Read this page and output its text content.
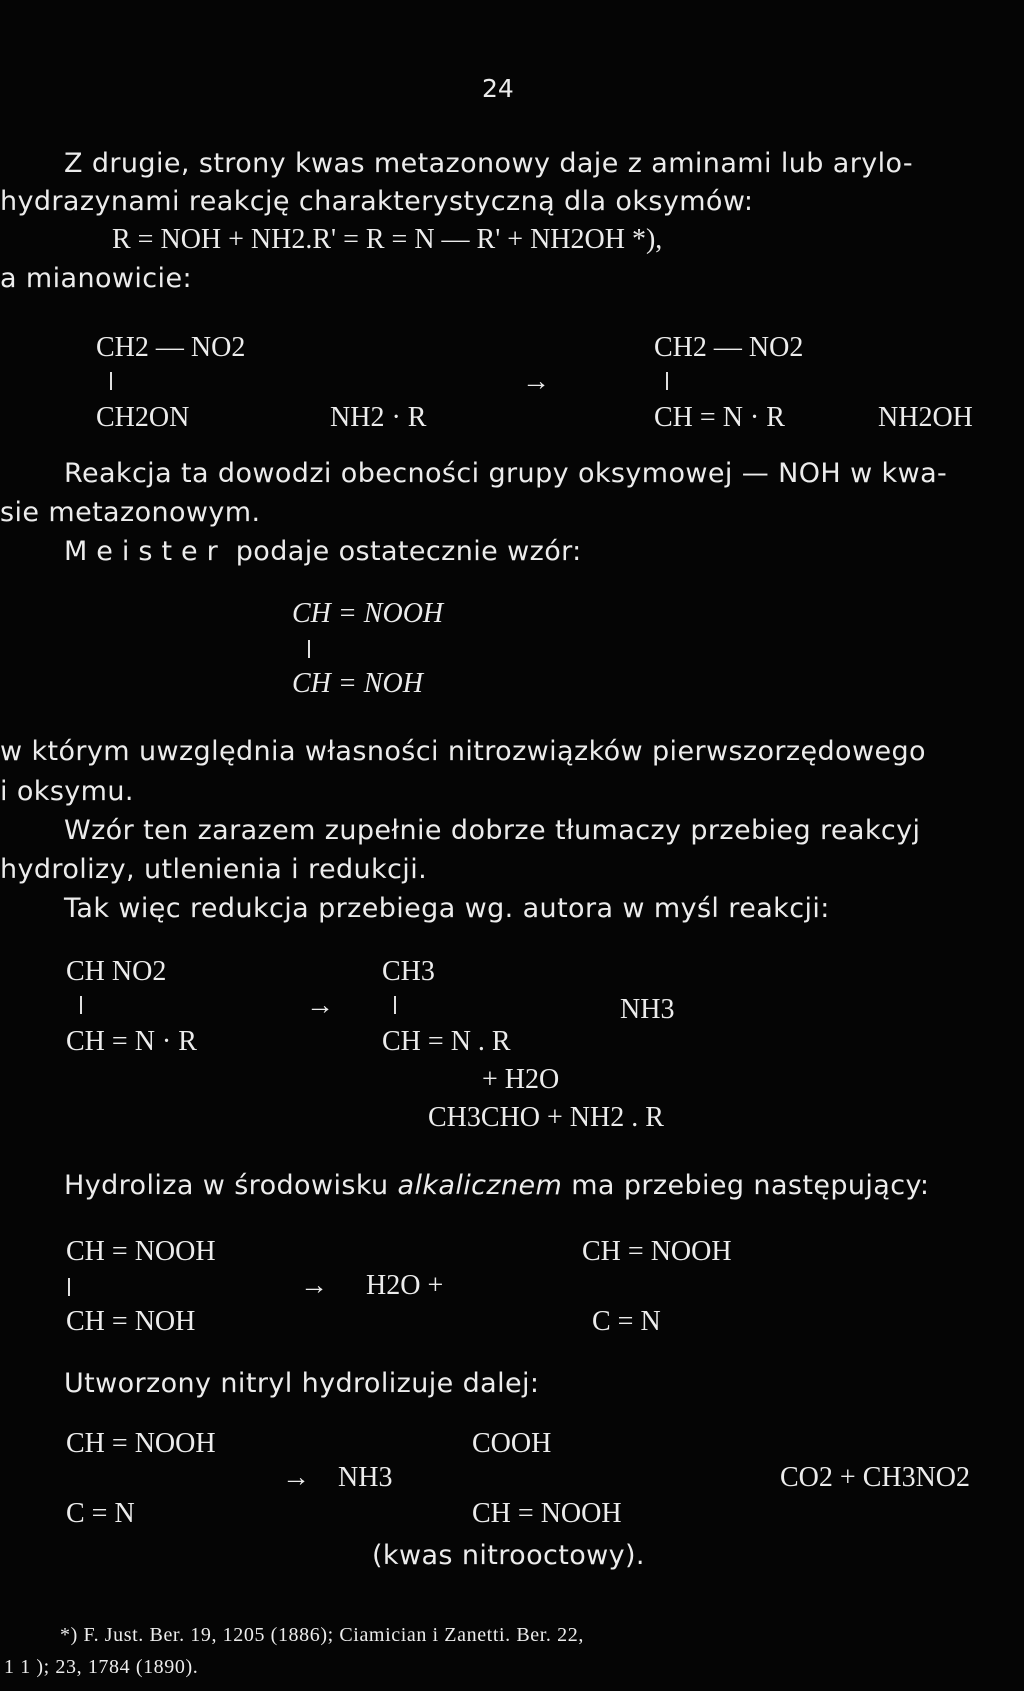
24
Z drugie, strony kwas metazonowy daje z aminami lub arylo-
hydrazynami reakcję charakterystyczną dla oksymów:
R = NOH + NH2.R' = R = N — R' + NH2OH *),
a mianowicie:
CH2 — NO2
CH2ON	NH2 · R
→
CH2 — NO2
CH = N · R	NH2OH
Reakcja ta dowodzi obecności grupy oksymowej — NOH w kwa-
sie metazonowym.
Meister podaje ostatecznie wzór:
CH = NOOH
CH = NOH
w którym uwzględnia własności nitrozwiązków pierwszorzędowego
i oksymu.
Wzór ten zarazem zupełnie dobrze tłumaczy przebieg reakcyj
hydrolizy, utlenienia i redukcji.
Tak więc redukcja przebiega wg. autora w myśl reakcji:
CH NO2
CH = N · R
→
CH3
CH = N . R
NH3
+ H2O
CH3CHO + NH2 . R
Hydroliza w środowisku alkalicznem ma przebieg następujący:
CH = NOOH
CH = NOH
→ H2O +
CH = NOOH
C = N
Utworzony nitryl hydrolizuje dalej:
CH = NOOH
C = N
→ NH3
COOH
CH = NOOH
CO2 + CH3NO2
(kwas nitrooctowy).
*) F. Just. Ber. 19, 1205 (1886); Ciamician i Zanetti. Ber. 22,
1 1 ); 23, 1784 (1890).
